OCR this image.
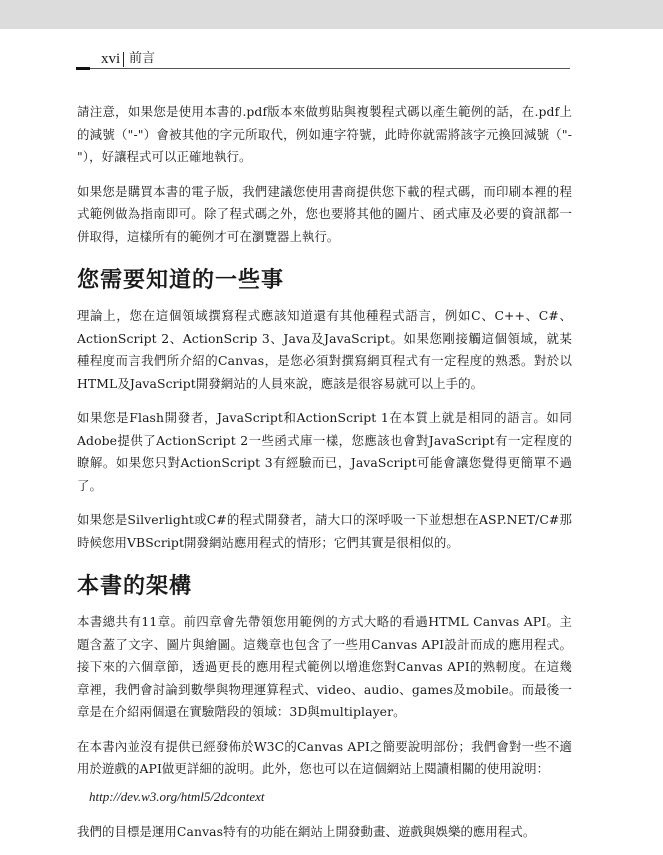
xvi 前言

請注意，如果您是使用本書的.pdf版本來做剪貼與複製程式碼以產生範例的話，在.pdf上的減號（"-"）會被其他的字元所取代，例如連字符號，此時你就需將該字元換回減號（"-"），好讓程式可以正確地執行。

如果您是購買本書的電子版，我們建議您使用書商提供您下載的程式碼，而印刷本裡的程式範例做為指南即可。除了程式碼之外，您也要將其他的圖片、函式庫及必要的資訊都一併取得，這樣所有的範例才可在瀏覽器上執行。

您需要知道的一些事

理論上，您在這個領域撰寫程式應該知道還有其他種程式語言，例如C、C++、C#、ActionScript 2、ActionScrip 3、Java及JavaScript。如果您剛接觸這個領域，就某種程度而言我們所介紹的Canvas，是您必須對撰寫網頁程式有一定程度的熟悉。對於以HTML及JavaScript開發網站的人員來說，應該是很容易就可以上手的。

如果您是Flash開發者，JavaScript和ActionScript 1在本質上就是相同的語言。如同Adobe提供了ActionScript 2一些函式庫一樣，您應該也會對JavaScript有一定程度的瞭解。如果您只對ActionScript 3有經驗而已，JavaScript可能會讓您覺得更簡單不過了。

如果您是Silverlight或C#的程式開發者，請大口的深呼吸一下並想想在ASP.NET/C#那時候您用VBScript開發網站應用程式的情形；它們其實是很相似的。

本書的架構

本書總共有11章。前四章會先帶領您用範例的方式大略的看過HTML Canvas API。主題含蓋了文字、圖片與繪圖。這幾章也包含了一些用Canvas API設計而成的應用程式。接下來的六個章節，透過更長的應用程式範例以增進您對Canvas API的熟軔度。在這幾章裡，我們會討論到數學與物理運算程式、video、audio、games及mobile。而最後一章是在介紹兩個還在實驗階段的領域：3D與multiplayer。

在本書內並沒有提供已經發佈於W3C的Canvas API之簡要說明部份；我們會對一些不適用於遊戲的API做更詳細的說明。此外，您也可以在這個網站上閱讀相關的使用說明：

http://dev.w3.org/html5/2dcontext

我們的目標是運用Canvas特有的功能在網站上開發動畫、遊戲與娛樂的應用程式。
